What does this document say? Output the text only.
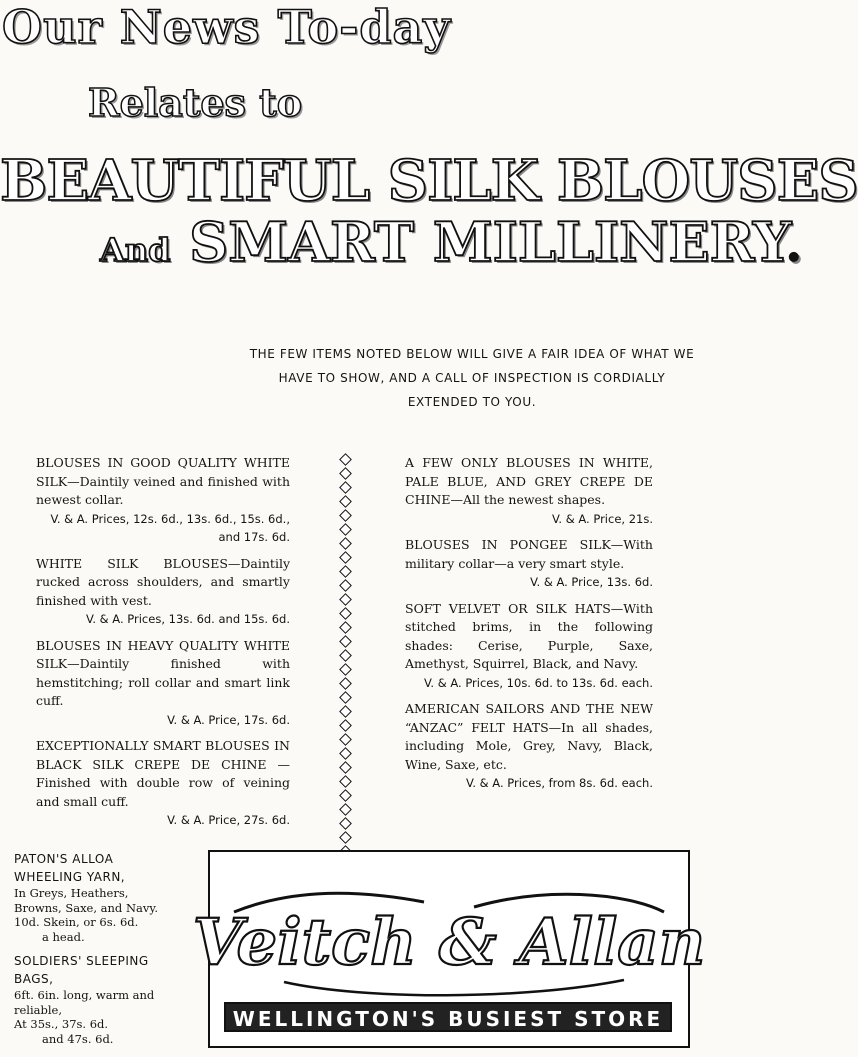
Our News To-day
Relates to
BEAUTIFUL SILK BLOUSES
And SMART MILLINERY.
THE FEW ITEMS NOTED BELOW WILL GIVE A FAIR IDEA OF WHAT WE HAVE TO SHOW, AND A CALL OF INSPECTION IS CORDIALLY EXTENDED TO YOU.
BLOUSES IN GOOD QUALITY WHITE SILK—Daintily veined and finished with newest collar.
V. & A. Prices, 12s. 6d., 13s. 6d., 15s. 6d., and 17s. 6d.
WHITE SILK BLOUSES—Daintily rucked across shoulders, and smartly finished with vest.
V. & A. Prices, 13s. 6d. and 15s. 6d.
BLOUSES IN HEAVY QUALITY WHITE SILK—Daintily finished with hemstitching; roll collar and smart link cuff.
V. & A. Price, 17s. 6d.
EXCEPTIONALLY SMART BLOUSES IN BLACK SILK CREPE DE CHINE —Finished with double row of veining and small cuff.
V. & A. Price, 27s. 6d.
A FEW ONLY BLOUSES IN WHITE, PALE BLUE, AND GREY CREPE DE CHINE—All the newest shapes.
V. & A. Price, 21s.
BLOUSES IN PONGEE SILK—With military collar—a very smart style.
V. & A. Price, 13s. 6d.
SOFT VELVET OR SILK HATS—With stitched brims, in the following shades: Cerise, Purple, Saxe, Amethyst, Squirrel, Black, and Navy.
V. & A. Prices, 10s. 6d. to 13s. 6d. each.
AMERICAN SAILORS AND THE NEW “ANZAC” FELT HATS—In all shades, including Mole, Grey, Navy, Black, Wine, Saxe, etc.
V. & A. Prices, from 8s. 6d. each.
PATON'S ALLOA WHEELING YARN,
In Greys, Heathers, Browns, Saxe, and Navy.
10d. Skein, or 6s. 6d.
a head.
SOLDIERS' SLEEPING BAGS,
6ft. 6in. long, warm and reliable,
At 35s., 37s. 6d.
and 47s. 6d.
Veitch & Allan
WELLINGTON'S BUSIEST STORE
